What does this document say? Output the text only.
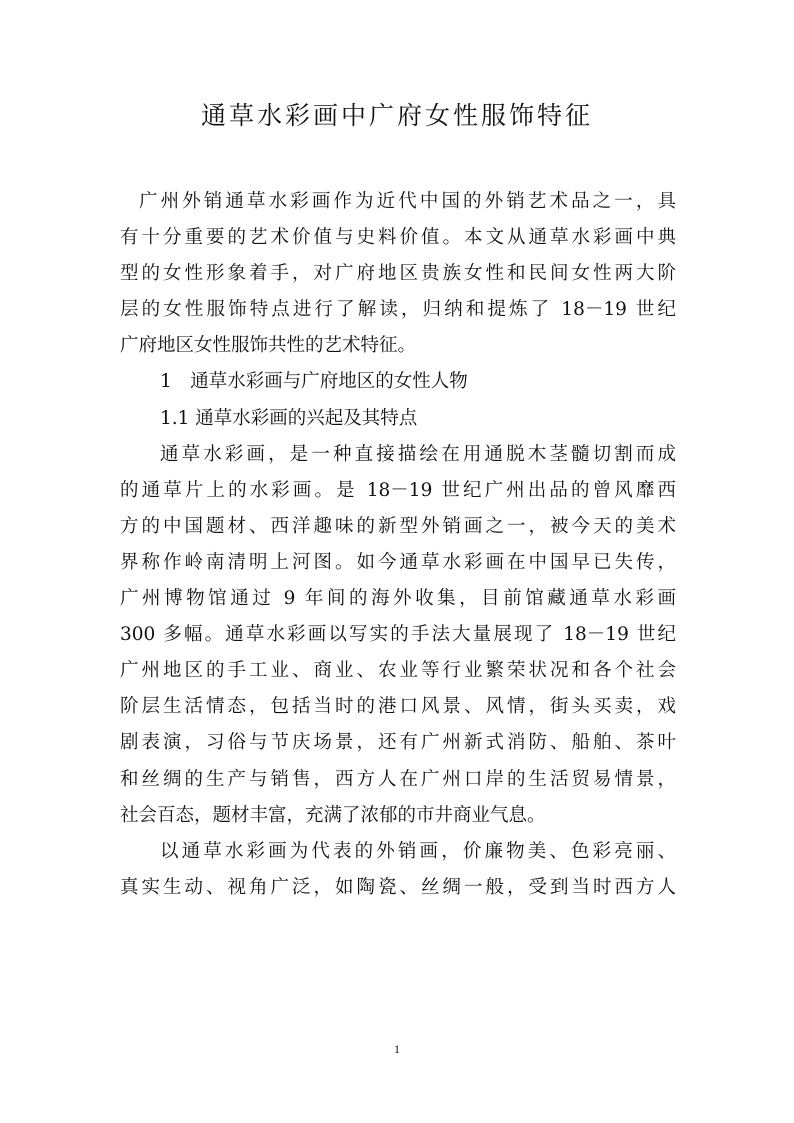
通草水彩画中广府女性服饰特征
广州外销通草水彩画作为近代中国的外销艺术品之一，具
有十分重要的艺术价值与史料价值。本文从通草水彩画中典
型的女性形象着手，对广府地区贵族女性和民间女性两大阶
层的女性服饰特点进行了解读，归纳和提炼了 18－19 世纪
广府地区女性服饰共性的艺术特征。
1　通草水彩画与广府地区的女性人物
1.1 通草水彩画的兴起及其特点
通草水彩画，是一种直接描绘在用通脱木茎髓切割而成
的通草片上的水彩画。是 18－19 世纪广州出品的曾风靡西
方的中国题材、西洋趣味的新型外销画之一，被今天的美术
界称作岭南清明上河图。如今通草水彩画在中国早已失传，
广州博物馆通过 9 年间的海外收集，目前馆藏通草水彩画
300 多幅。通草水彩画以写实的手法大量展现了 18－19 世纪
广州地区的手工业、商业、农业等行业繁荣状况和各个社会
阶层生活情态，包括当时的港口风景、风情，街头买卖，戏
剧表演，习俗与节庆场景，还有广州新式消防、船舶、茶叶
和丝绸的生产与销售，西方人在广州口岸的生活贸易情景，
社会百态，题材丰富，充满了浓郁的市井商业气息。
以通草水彩画为代表的外销画，价廉物美、色彩亮丽、
真实生动、视角广泛，如陶瓷、丝绸一般，受到当时西方人
1
